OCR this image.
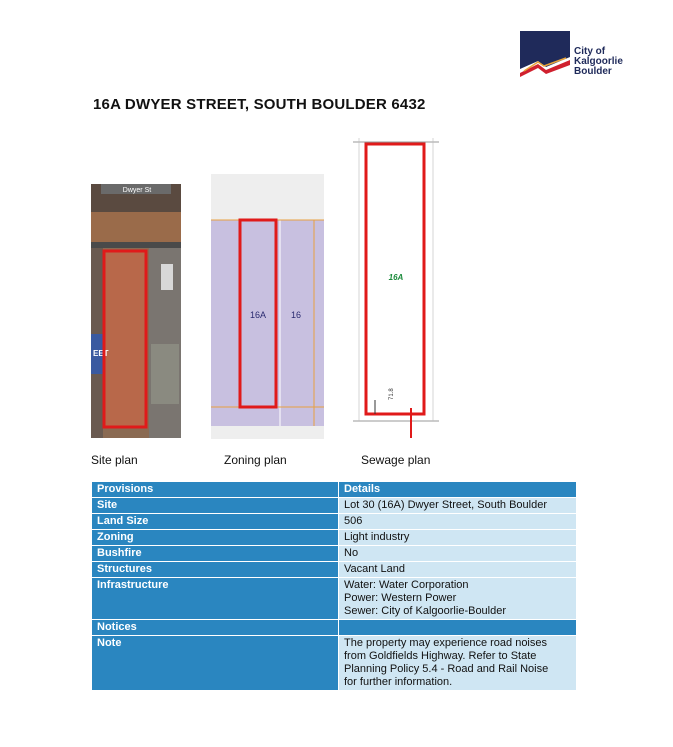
City of
Kalgoorlie
Boulder
16A DWYER STREET, SOUTH BOULDER 6432
Dwyer St
EET
16A	16
16A
71.8
Site plan	Zoning plan	Sewage plan
Provisions	Details
Site	Lot 30 (16A) Dwyer Street, South Boulder
Land Size	506
Zoning	Light industry
Bushfire	No
Structures	Vacant Land
Infrastructure	Water: Water Corporation
Power: Western Power
Sewer: City of Kalgoorlie-Boulder

Notices	
Note	The property may experience road noises
from Goldfields Highway. Refer to State
Planning Policy 5.4 - Road and Rail Noise
for further information.
